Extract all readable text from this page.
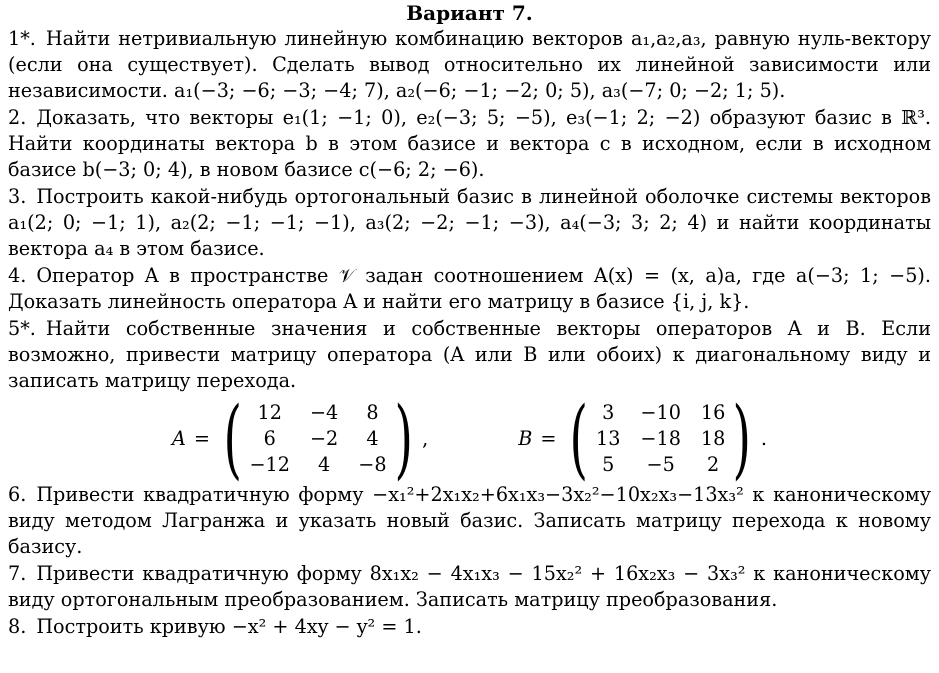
Вариант 7.

1*. Найти нетривиальную линейную комбинацию векторов a₁,a₂,a₃, равную нуль-вектору (если она существует). Сделать вывод относительно их линейной зависимости или независимости. a₁(−3; −6; −3; −4; 7), a₂(−6; −1; −2; 0; 5), a₃(−7; 0; −2; 1; 5).

2. Доказать, что векторы e₁(1; −1; 0), e₂(−3; 5; −5), e₃(−1; 2; −2) образуют базис в ℝ³. Найти координаты вектора b в этом базисе и вектора c в исходном, если в исходном базисе b(−3; 0; 4), в новом базисе c(−6; 2; −6).

3. Построить какой-нибудь ортогональный базис в линейной оболочке системы векторов a₁(2; 0; −1; 1), a₂(2; −1; −1; −1), a₃(2; −2; −1; −3), a₄(−3; 3; 2; 4) и найти координаты вектора a₄ в этом базисе.

4. Оператор A в пространстве 𝒱 задан соотношением A(x) = (x, a)a, где a(−3; 1; −5). Доказать линейность оператора A и найти его матрицу в базисе {i, j, k}.

5*. Найти собственные значения и собственные векторы операторов A и B. Если возможно, привести матрицу оператора (A или B или обоих) к диагональному виду и записать матрицу перехода.

A = ( 12	−4	8
6	−2	4
−12	4	−8 ) ,	B = ( 3	−10 16
13 −18 18
5	−5	2 ) .

6. Привести квадратичную форму −x₁²+2x₁x₂+6x₁x₃−3x₂²−10x₂x₃−13x₃² к каноническому виду методом Лагранжа и указать новый базис. Записать матрицу перехода к новому базису.

7. Привести квадратичную форму 8x₁x₂ − 4x₁x₃ − 15x₂² + 16x₂x₃ − 3x₃² к каноническому виду ортогональным преобразованием. Записать матрицу преобразования.

8. Построить кривую −x² + 4xy − y² = 1.
